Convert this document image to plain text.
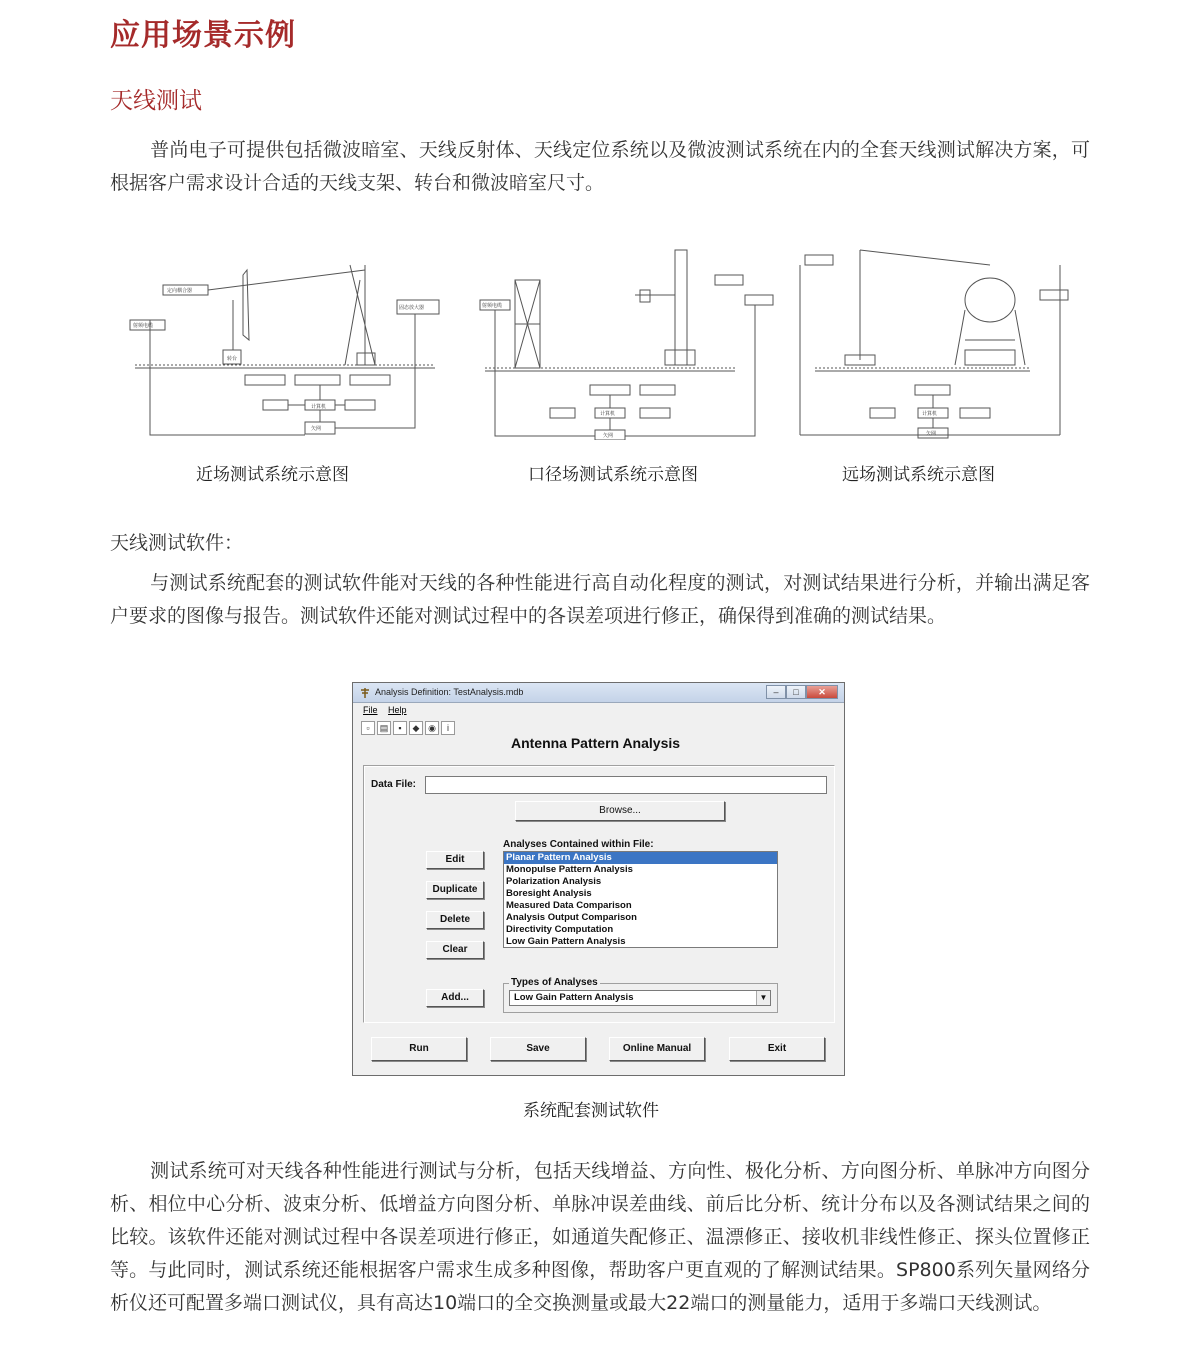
应用场景示例
天线测试
普尚电子可提供包括微波暗室、天线反射体、天线定位系统以及微波测试系统在内的全套天线测试解决方案，可根据客户需求设计合适的天线支架、转台和微波暗室尺寸。
定向耦合器
射频电缆
转台
固态放大器
计算机
矢网
射频电缆
计算机
矢网
计算机
矢网
近场测试系统示意图	口径场测试系统示意图	远场测试系统示意图
天线测试软件：
与测试系统配套的测试软件能对天线的各种性能进行高自动化程度的测试，对测试结果进行分析，并输出满足客户要求的图像与报告。测试软件还能对测试过程中的各误差项进行修正，确保得到准确的测试结果。
Analysis Definition: TestAnalysis.mdb	–	□	✕
File Help
▫	▤	▪	◆ ◉	i
Antenna Pattern Analysis
Data File:
Browse...
Edit
Duplicate
Delete
Clear
Add...
Analyses Contained within File:
Planar Pattern Analysis
Monopulse Pattern Analysis
Polarization Analysis
Boresight Analysis
Measured Data Comparison
Analysis Output Comparison
Directivity Computation
Low Gain Pattern Analysis
Types of Analyses
Low Gain Pattern Analysis	▼
Run	Save	Online Manual	Exit
系统配套测试软件
测试系统可对天线各种性能进行测试与分析，包括天线增益、方向性、极化分析、方向图分析、单脉冲方向图分析、相位中心分析、波束分析、低增益方向图分析、单脉冲误差曲线、前后比分析、统计分布以及各测试结果之间的比较。该软件还能对测试过程中各误差项进行修正，如通道失配修正、温漂修正、接收机非线性修正、探头位置修正等。与此同时，测试系统还能根据客户需求生成多种图像，帮助客户更直观的了解测试结果。SP800系列矢量网络分析仪还可配置多端口测试仪，具有高达10端口的全交换测量或最大22端口的测量能力，适用于多端口天线测试。
